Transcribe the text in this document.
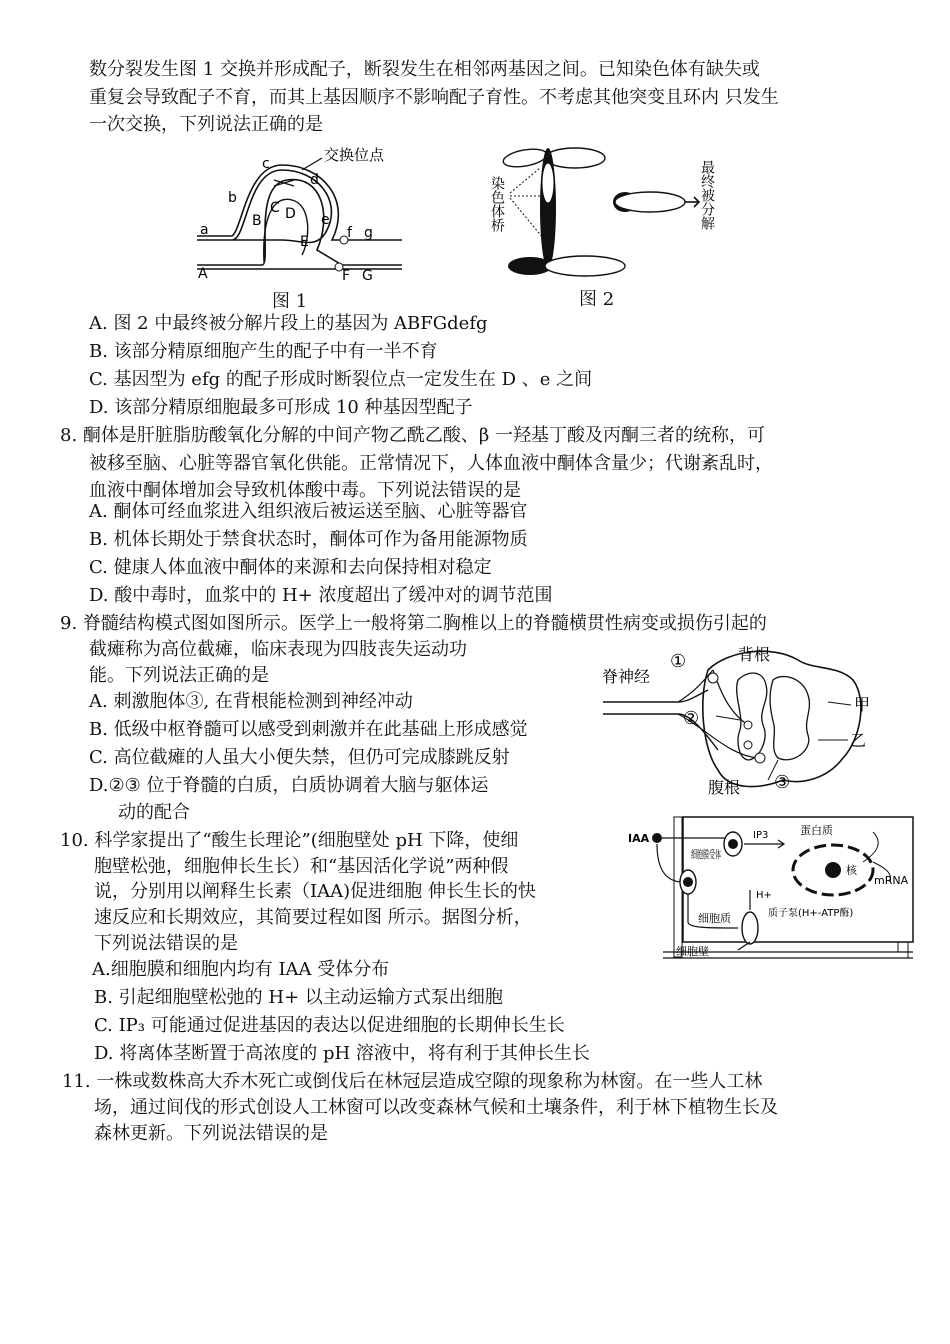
数分裂发生图 1 交换并形成配子，断裂发生在相邻两基因之间。已知染色体有缺失或
重复会导致配子不育，而其上基因顺序不影响配子育性。不考虑其他突变且环内 只发生
一次交换，下列说法正确的是
交换位点
a
b
c
d
e
f g
A
B
C D
E
F G
图 1
染色体桥	最终被分解
图 2
A. 图 2 中最终被分解片段上的基因为 ABFGdefg
B. 该部分精原细胞产生的配子中有一半不育
C. 基因型为 efg 的配子形成时断裂位点一定发生在 D 、e 之间
D. 该部分精原细胞最多可形成 10 种基因型配子
8. 酮体是肝脏脂肪酸氧化分解的中间产物乙酰乙酸、β 一羟基丁酸及丙酮三者的统称，可
被移至脑、心脏等器官氧化供能。正常情况下，人体血液中酮体含量少；代谢紊乱时，
血液中酮体增加会导致机体酸中毒。下列说法错误的是
A. 酮体可经血浆进入组织液后被运送至脑、心脏等器官
B. 机体长期处于禁食状态时，酮体可作为备用能源物质
C. 健康人体血液中酮体的来源和去向保持相对稳定
D. 酸中毒时，血浆中的 H+ 浓度超出了缓冲对的调节范围
9. 脊髓结构模式图如图所示。医学上一般将第二胸椎以上的脊髓横贯性病变或损伤引起的
截瘫称为高位截瘫，临床表现为四肢丧失运动功
能。下列说法正确的是
A. 刺激胞体③, 在背根能检测到神经冲动
B. 低级中枢脊髓可以感受到刺激并在此基础上形成感觉
C. 高位截瘫的人虽大小便失禁，但仍可完成膝跳反射
D.②③ 位于脊髓的白质，白质协调着大脑与躯体运
动的配合
脊神经
背根
腹根
甲
乙
①
②
③
10. 科学家提出了“酸生长理论”(细胞壁处 pH 下降，使细
胞壁松弛，细胞伸长生长）和“基因活化学说”两种假
说，分别用以阐释生长素（IAA)促进细胞 伸长生长的快
速反应和长期效应，其简要过程如图 所示。据图分析，
下列说法错误的是
A.细胞膜和细胞内均有 IAA 受体分布
B. 引起细胞壁松弛的 H+ 以主动运输方式泵出细胞
C. IP₃ 可能通过促进基因的表达以促进细胞的长期伸长生长
D. 将离体茎断置于高浓度的 pH 溶液中，将有利于其伸长生长
IAA
细胞膜受体
IP3	蛋白质
核
mRNA
H+
细胞质	质子泵(H+-ATP酶)
细胞壁
11. 一株或数株高大乔木死亡或倒伐后在林冠层造成空隙的现象称为林窗。在一些人工林
场，通过间伐的形式创设人工林窗可以改变森林气候和土壤条件，利于林下植物生长及
森林更新。下列说法错误的是
